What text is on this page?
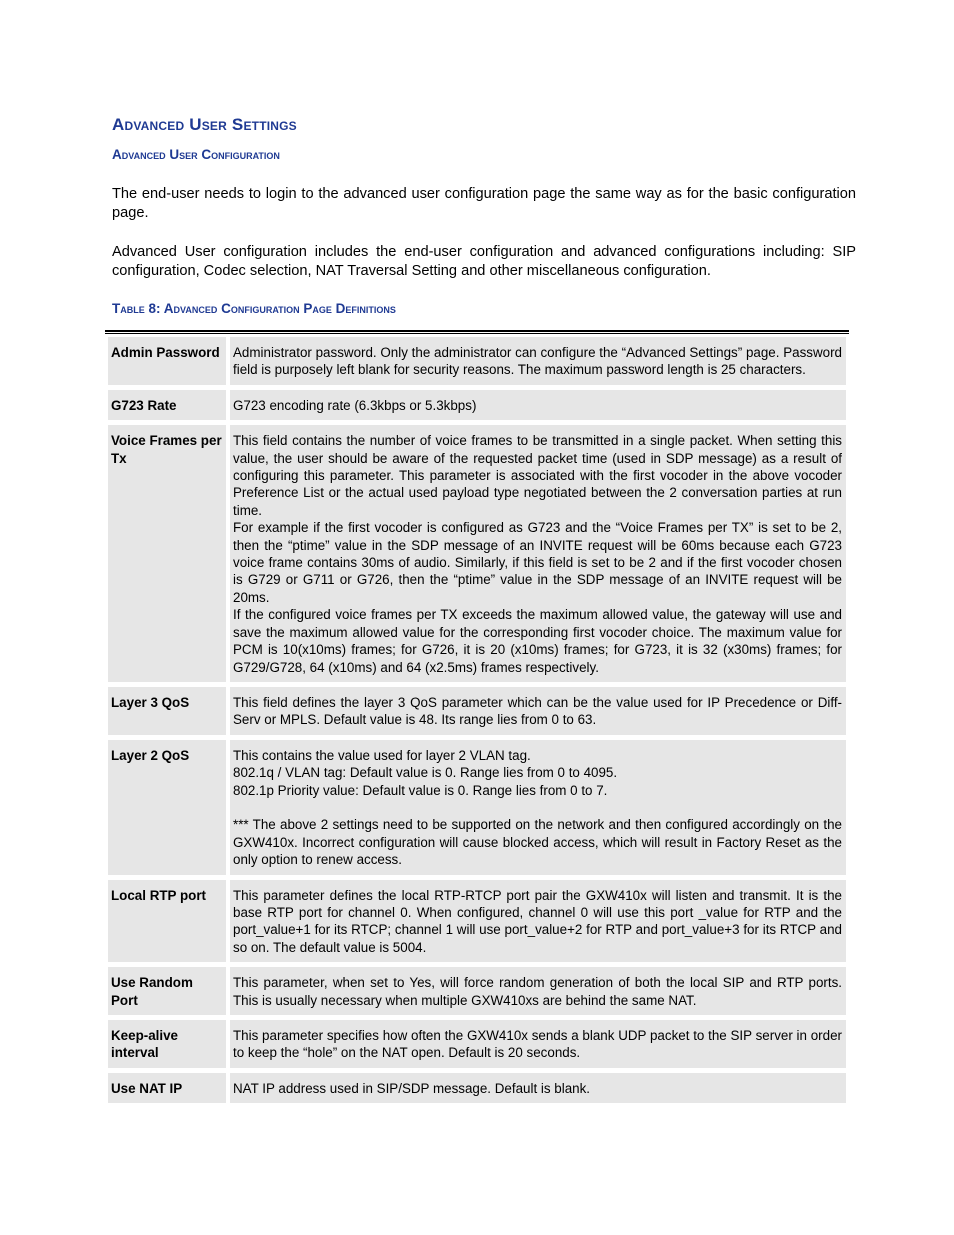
Advanced User Settings
Advanced User Configuration
The end-user needs to login to the advanced user configuration page the same way as for the basic configuration page.
Advanced User configuration includes the end-user configuration and advanced configurations including: SIP configuration, Codec selection, NAT Traversal Setting and other miscellaneous configuration.
Table 8: Advanced Configuration Page Definitions
Admin Password	Administrator password. Only the administrator can configure the “Advanced Settings” page. Password field is purposely left blank for security reasons. The maximum password length is 25 characters.

G723 Rate	G723 encoding rate (6.3kbps or 5.3kbps)

Voice Frames per Tx	This field contains the number of voice frames to be transmitted in a single packet. When setting this value, the user should be aware of the requested packet time (used in SDP message) as a result of configuring this parameter. This parameter is associated with the first vocoder in the above vocoder Preference List or the actual used payload type negotiated between the 2 conversation parties at run time.
For example if the first vocoder is configured as G723 and the “Voice Frames per TX” is set to be 2, then the “ptime” value in the SDP message of an INVITE request will be 60ms because each G723 voice frame contains 30ms of audio. Similarly, if this field is set to be 2 and if the first vocoder chosen is G729 or G711 or G726, then the “ptime” value in the SDP message of an INVITE request will be 20ms.
If the configured voice frames per TX exceeds the maximum allowed value, the gateway will use and save the maximum allowed value for the corresponding first vocoder choice. The maximum value for PCM is 10(x10ms) frames; for G726, it is 20 (x10ms) frames; for G723, it is 32 (x30ms) frames; for G729/G728, 64 (x10ms) and 64 (x2.5ms) frames respectively.

Layer 3 QoS	This field defines the layer 3 QoS parameter which can be the value used for IP Precedence or Diff-Serv or MPLS. Default value is 48. Its range lies from 0 to 63.

Layer 2 QoS	This contains the value used for layer 2 VLAN tag.
802.1q / VLAN tag: Default value is 0. Range lies from 0 to 4095.
802.1p Priority value: Default value is 0. Range lies from 0 to 7.
*** The above 2 settings need to be supported on the network and then configured accordingly on the GXW410x. Incorrect configuration will cause blocked access, which will result in Factory Reset as the only option to renew access.

Local RTP port	This parameter defines the local RTP-RTCP port pair the GXW410x will listen and transmit. It is the base RTP port for channel 0. When configured, channel 0 will use this port _value for RTP and the port_value+1 for its RTCP; channel 1 will use port_value+2 for RTP and port_value+3 for its RTCP and so on. The default value is 5004.

Use Random Port	This parameter, when set to Yes, will force random generation of both the local SIP and RTP ports. This is usually necessary when multiple GXW410xs are behind the same NAT.

Keep-alive interval	This parameter specifies how often the GXW410x sends a blank UDP packet to the SIP server in order to keep the “hole” on the NAT open. Default is 20 seconds.

Use NAT IP	NAT IP address used in SIP/SDP message. Default is blank.
